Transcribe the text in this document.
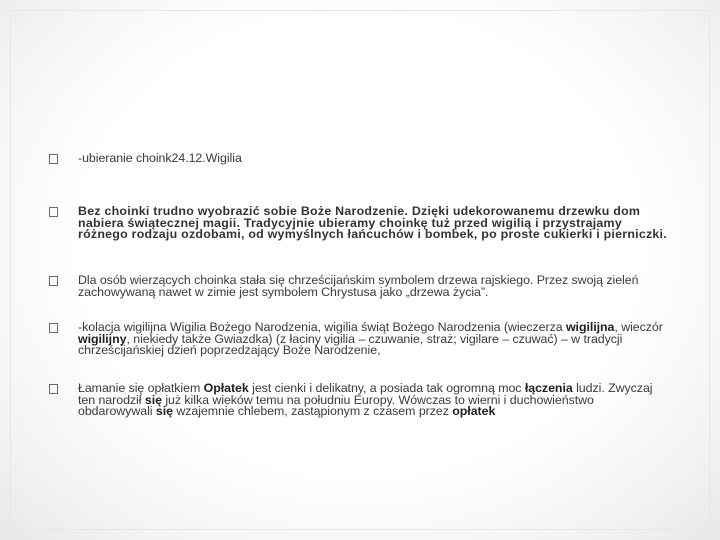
-ubieranie choink24.12.Wigilia
Bez choinki trudno wyobrazić sobie Boże Narodzenie. Dzięki udekorowanemu drzewku dom nabiera świątecznej magii. Tradycyjnie ubieramy choinkę tuż przed wigilią i przystrajamy różnego rodzaju ozdobami, od wymyślnych łańcuchów i bombek, po proste cukierki i pierniczki.
Dla osób wierzących choinka stała się chrześcijańskim symbolem drzewa rajskiego. Przez swoją zieleń zachowywaną nawet w zimie jest symbolem Chrystusa jako „drzewa życia”.
-kolacja wigilijna Wigilia Bożego Narodzenia, wigilia świąt Bożego Narodzenia (wieczerza wigilijna, wieczór wigilijny, niekiedy także Gwiazdka) (z łaciny vigilia – czuwanie, straż; vigilare – czuwać) – w tradycji chrześcijańskiej dzień poprzedzający Boże Narodzenie,
Łamanie się opłatkiem Opłatek jest cienki i delikatny, a posiada tak ogromną moc łączenia ludzi. Zwyczaj ten narodził się już kilka wieków temu na południu Europy. Wówczas to wierni i duchowieństwo obdarowywali się wzajemnie chlebem, zastąpionym z czasem przez opłatek
